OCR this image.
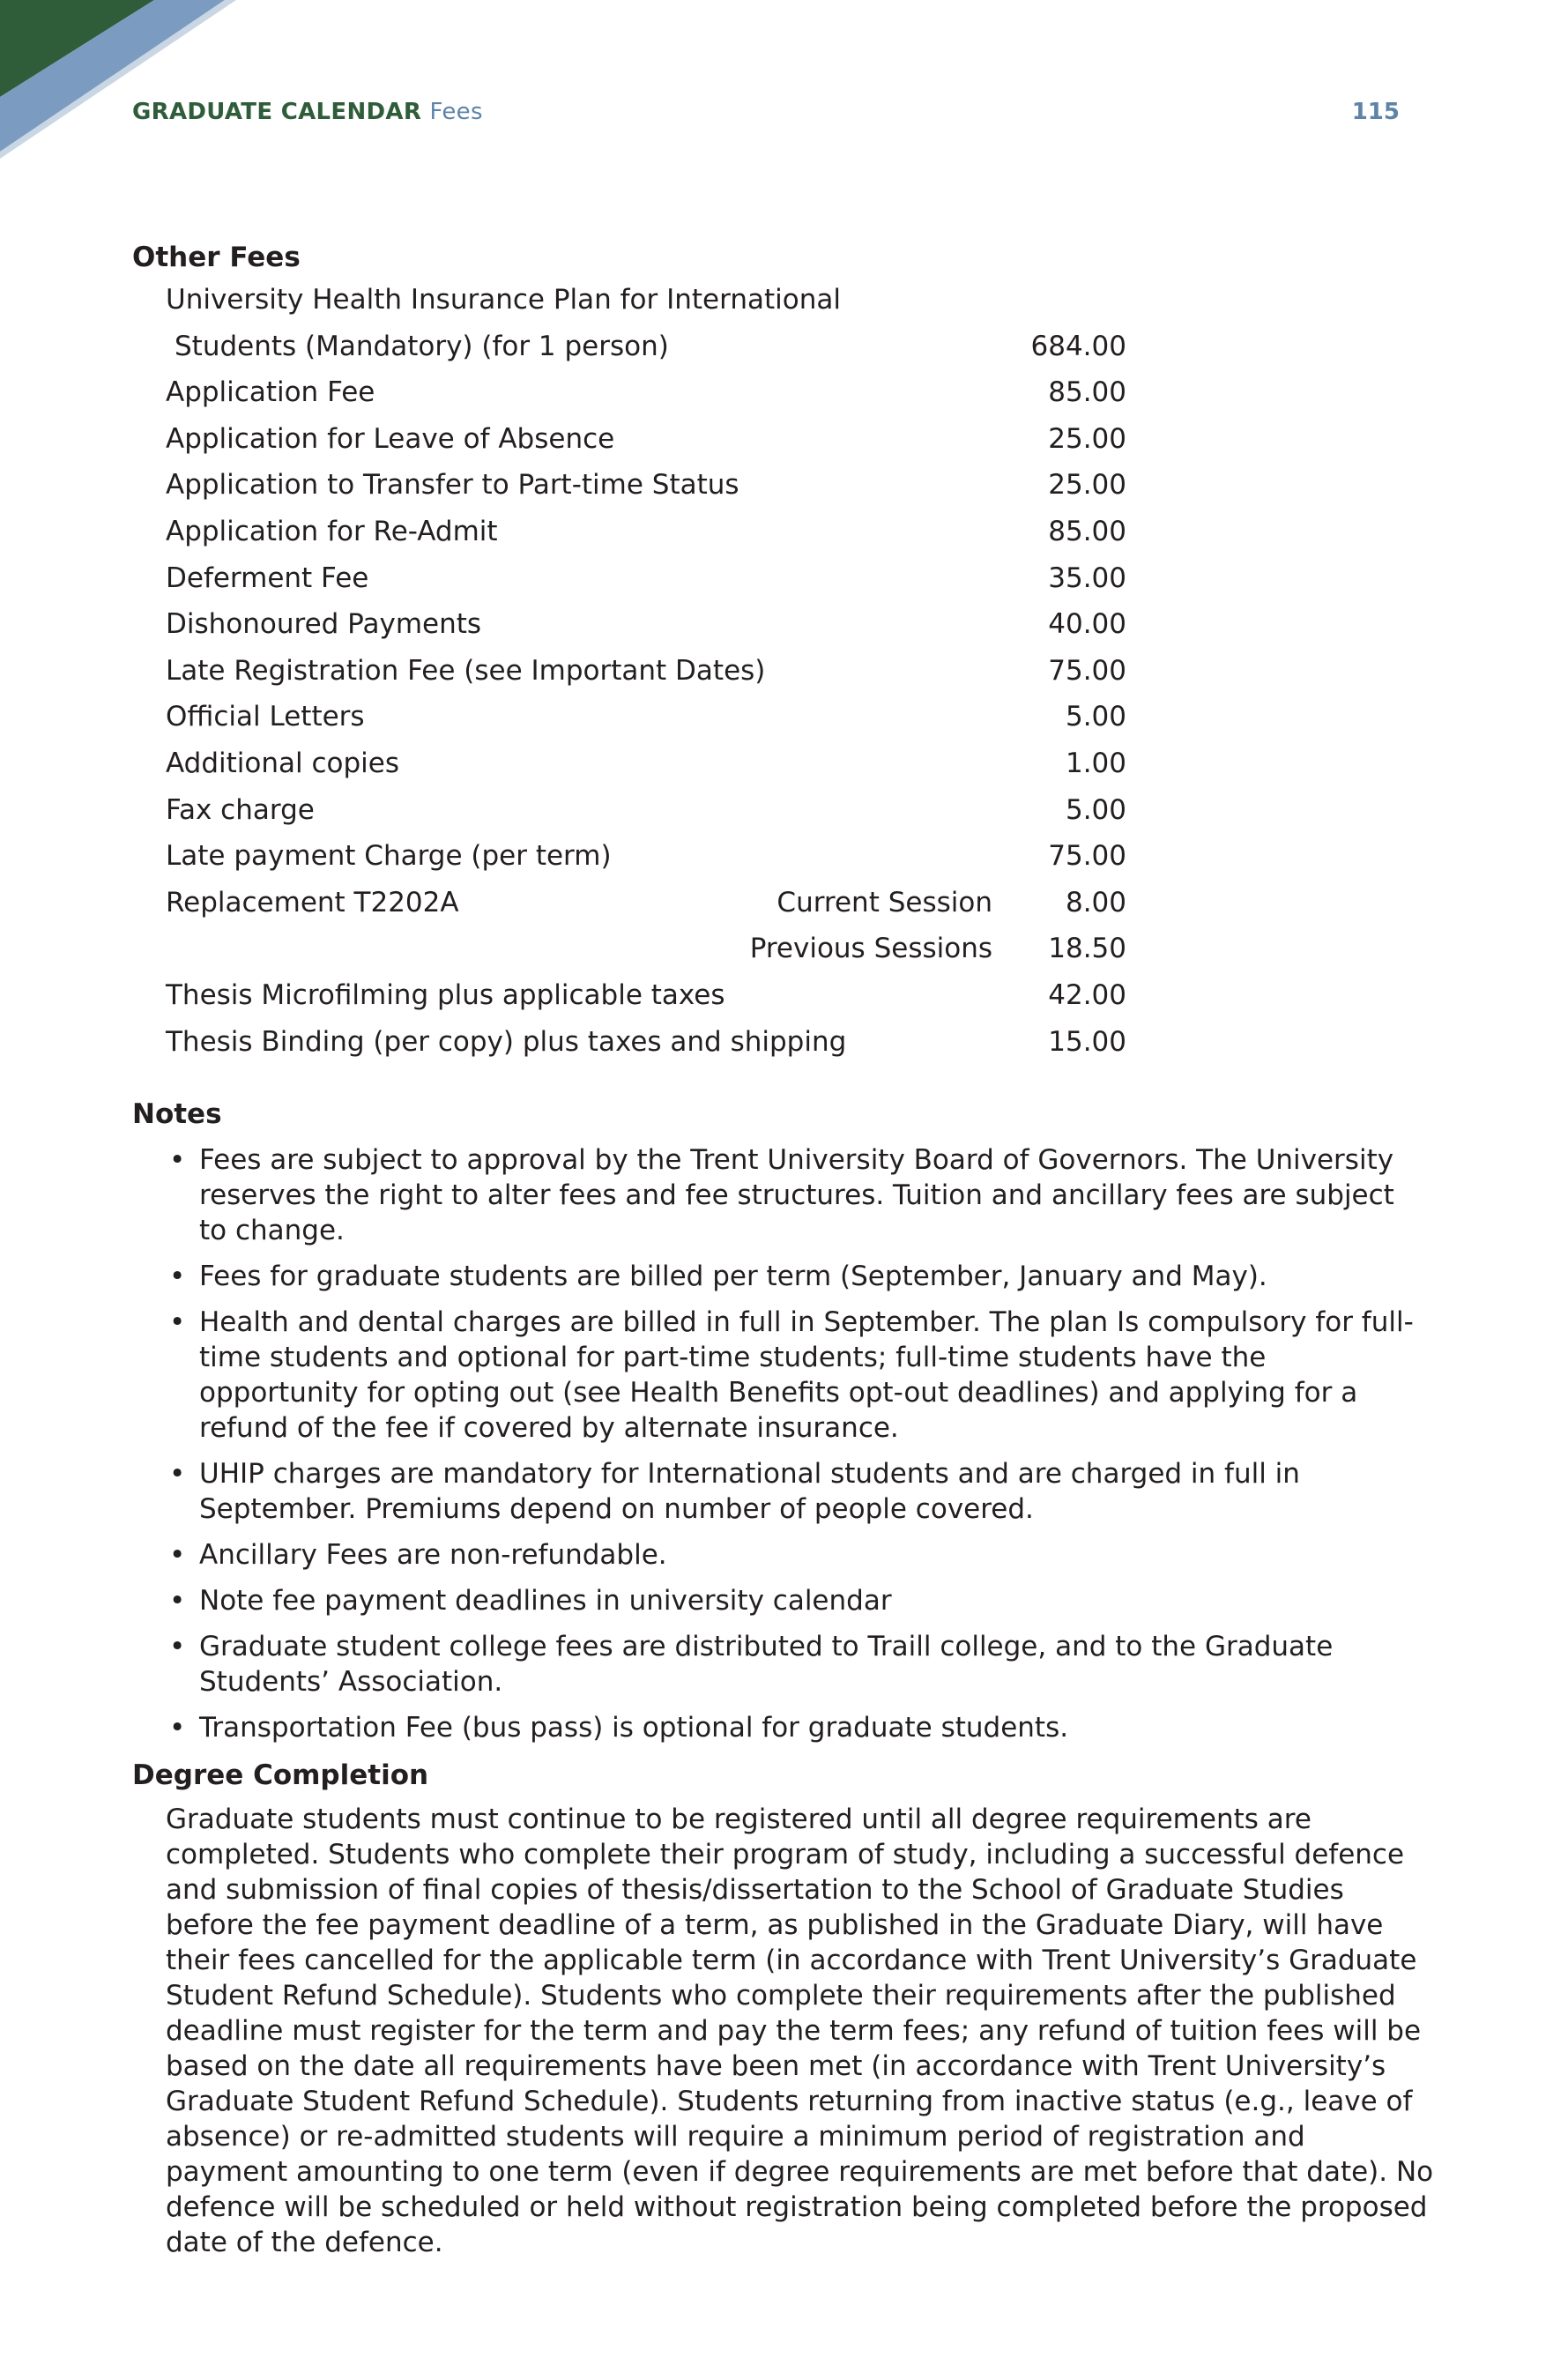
GRADUATE CALENDAR Fees	115
Other Fees
University Health Insurance Plan for International
Students (Mandatory) (for 1 person)	684.00
Application Fee	85.00
Application for Leave of Absence	25.00
Application to Transfer to Part-time Status	25.00
Application for Re-Admit	85.00
Deferment Fee	35.00
Dishonoured Payments	40.00
Late Registration Fee (see Important Dates)	75.00
Official Letters	5.00
Additional copies	1.00
Fax charge	5.00
Late payment Charge (per term)	75.00
Replacement T2202A	Current Session	8.00
Previous Sessions 18.50
Thesis Microfilming plus applicable taxes	42.00
Thesis Binding (per copy) plus taxes and shipping	15.00
Notes
• Fees are subject to approval by the Trent University Board of Governors. The University reserves the right to alter fees and fee structures. Tuition and ancillary fees are subject to change.
• Fees for graduate students are billed per term (September, January and May).
• Health and dental charges are billed in full in September. The plan Is compulsory for full-time students and optional for part-time students; full-time students have the opportunity for opting out (see Health Benefits opt-out deadlines) and applying for a refund of the fee if covered by alternate insurance.
• UHIP charges are mandatory for International students and are charged in full in September. Premiums depend on number of people covered.
• Ancillary Fees are non-refundable.
• Note fee payment deadlines in university calendar
• Graduate student college fees are distributed to Traill college, and to the Graduate Students’ Association.
• Transportation Fee (bus pass) is optional for graduate students.
Degree Completion
Graduate students must continue to be registered until all degree requirements are completed. Students who complete their program of study, including a successful defence and submission of final copies of thesis/dissertation to the School of Graduate Studies before the fee payment deadline of a term, as published in the Graduate Diary, will have their fees cancelled for the applicable term (in accordance with Trent University’s Graduate Student Refund Schedule). Students who complete their requirements after the published deadline must register for the term and pay the term fees; any refund of tuition fees will be based on the date all requirements have been met (in accordance with Trent University’s Graduate Student Refund Schedule). Students returning from inactive status (e.g., leave of absence) or re-admitted students will require a minimum period of registration and payment amounting to one term (even if degree requirements are met before that date). No defence will be scheduled or held without registration being completed before the proposed date of the defence.
